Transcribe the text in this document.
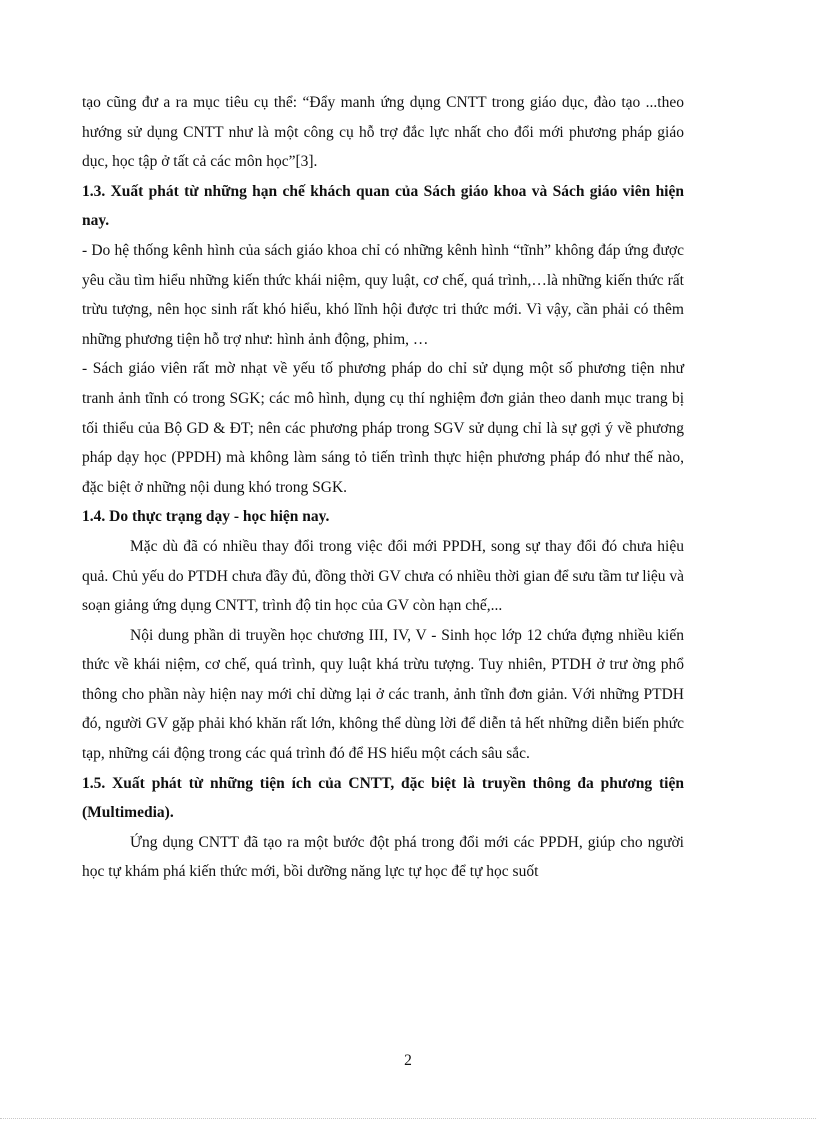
tạo cũng đư a ra mục tiêu cụ thể: “Đẩy manh ứng dụng CNTT trong giáo dục, đào tạo ...theo hướng sử dụng CNTT như là một công cụ hỗ trợ đắc lực nhất cho đổi mới phương pháp giáo dục, học tập ở tất cả các môn học”[3].

1.3. Xuất phát từ những hạn chế khách quan của Sách giáo khoa và Sách giáo viên hiện nay.

- Do hệ thống kênh hình của sách giáo khoa chỉ có những kênh hình “tĩnh” không đáp ứng được yêu cầu tìm hiểu những kiến thức khái niệm, quy luật, cơ chế, quá trình,…là những kiến thức rất trừu tượng, nên học sinh rất khó hiểu, khó lĩnh hội được tri thức mới. Vì vậy, cần phải có thêm những phương tiện hỗ trợ như: hình ảnh động, phim, …

- Sách giáo viên rất mờ nhạt về yếu tố phương pháp do chỉ sử dụng một số phương tiện như tranh ảnh tĩnh có trong SGK; các mô hình, dụng cụ thí nghiệm đơn giản theo danh mục trang bị tối thiểu của Bộ GD & ĐT; nên các phương pháp trong SGV sử dụng chỉ là sự gợi ý về phương pháp dạy học (PPDH) mà không làm sáng tỏ tiến trình thực hiện phương pháp đó như thế nào, đặc biệt ở những nội dung khó trong SGK.

1.4. Do thực trạng dạy - học hiện nay.

Mặc dù đã có nhiều thay đổi trong việc đổi mới PPDH, song sự thay đổi đó chưa hiệu quả. Chủ yếu do PTDH chưa đầy đủ, đồng thời GV chưa có nhiều thời gian để sưu tầm tư liệu và soạn giảng ứng dụng CNTT, trình độ tin học của GV còn hạn chế,...

Nội dung phần di truyền học chương III, IV, V - Sinh học lớp 12 chứa đựng nhiều kiến thức về khái niệm, cơ chế, quá trình, quy luật khá trừu tượng. Tuy nhiên, PTDH ở trư ờng phổ thông cho phần này hiện nay mới chỉ dừng lại ở các tranh, ảnh tĩnh đơn giản. Với những PTDH đó, người GV gặp phải khó khăn rất lớn, không thể dùng lời để diễn tả hết những diễn biến phức tạp, những cái động trong các quá trình đó để HS hiểu một cách sâu sắc.

1.5. Xuất phát từ những tiện ích của CNTT, đặc biệt là truyền thông đa phương tiện (Multimedia).

Ứng dụng CNTT đã tạo ra một bước đột phá trong đổi mới các PPDH, giúp cho người học tự khám phá kiến thức mới, bồi dưỡng năng lực tự học để tự học suốt

2
